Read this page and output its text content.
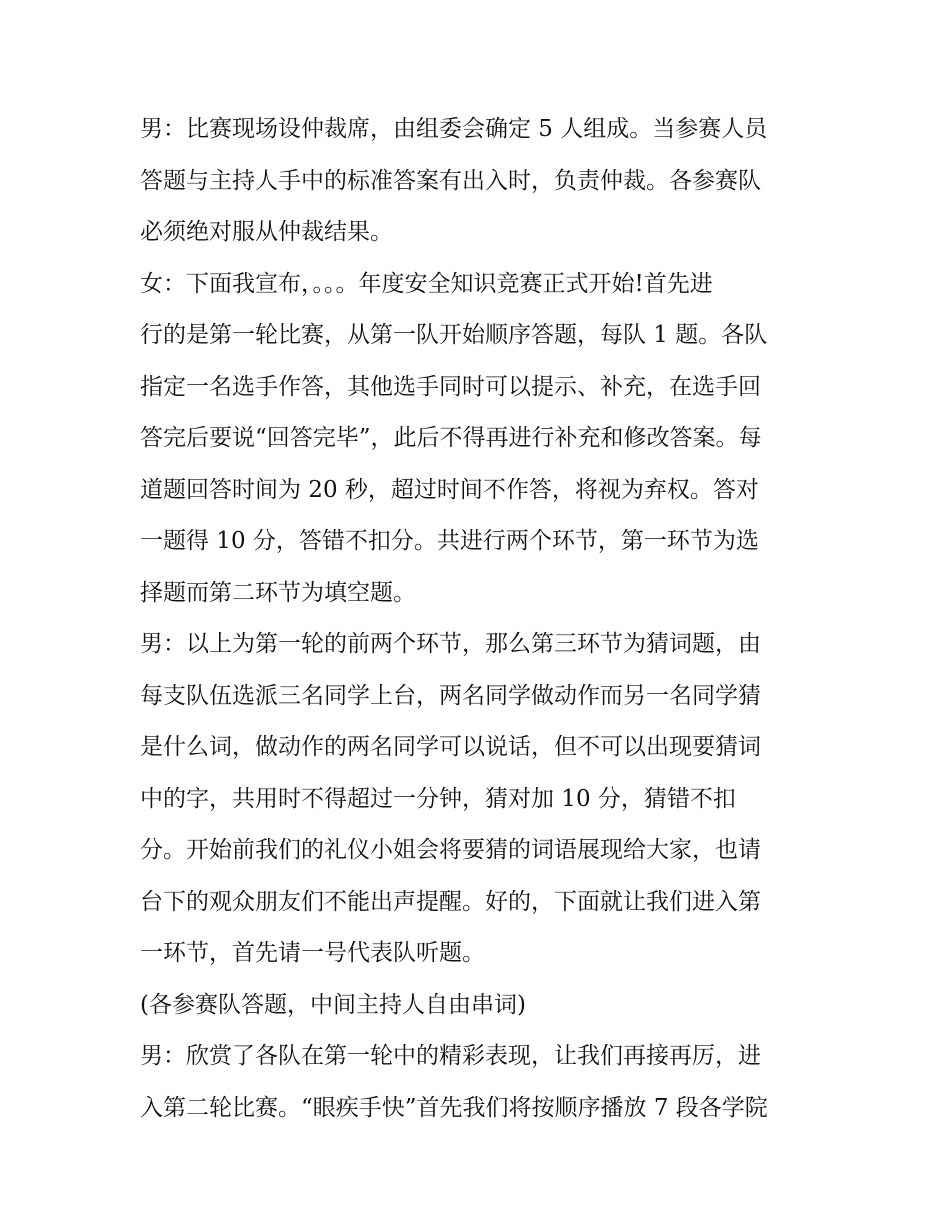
男：比赛现场设仲裁席，由组委会确定 5 人组成。当参赛人员
答题与主持人手中的标准答案有出入时，负责仲裁。各参赛队
必须绝对服从仲裁结果。
女：下面我宣布，。。。年度安全知识竞赛正式开始!首先进
行的是第一轮比赛，从第一队开始顺序答题，每队 1 题。各队
指定一名选手作答，其他选手同时可以提示、补充，在选手回
答完后要说“回答完毕”，此后不得再进行补充和修改答案。每
道题回答时间为 20 秒，超过时间不作答，将视为弃权。答对
一题得 10 分，答错不扣分。共进行两个环节，第一环节为选
择题而第二环节为填空题。
男：以上为第一轮的前两个环节，那么第三环节为猜词题，由
每支队伍选派三名同学上台，两名同学做动作而另一名同学猜
是什么词，做动作的两名同学可以说话，但不可以出现要猜词
中的字，共用时不得超过一分钟，猜对加 10 分，猜错不扣
分。开始前我们的礼仪小姐会将要猜的词语展现给大家，也请
台下的观众朋友们不能出声提醒。好的，下面就让我们进入第
一环节，首先请一号代表队听题。
(各参赛队答题，中间主持人自由串词)
男：欣赏了各队在第一轮中的精彩表现，让我们再接再厉，进
入第二轮比赛。“眼疾手快”首先我们将按顺序播放 7 段各学院
